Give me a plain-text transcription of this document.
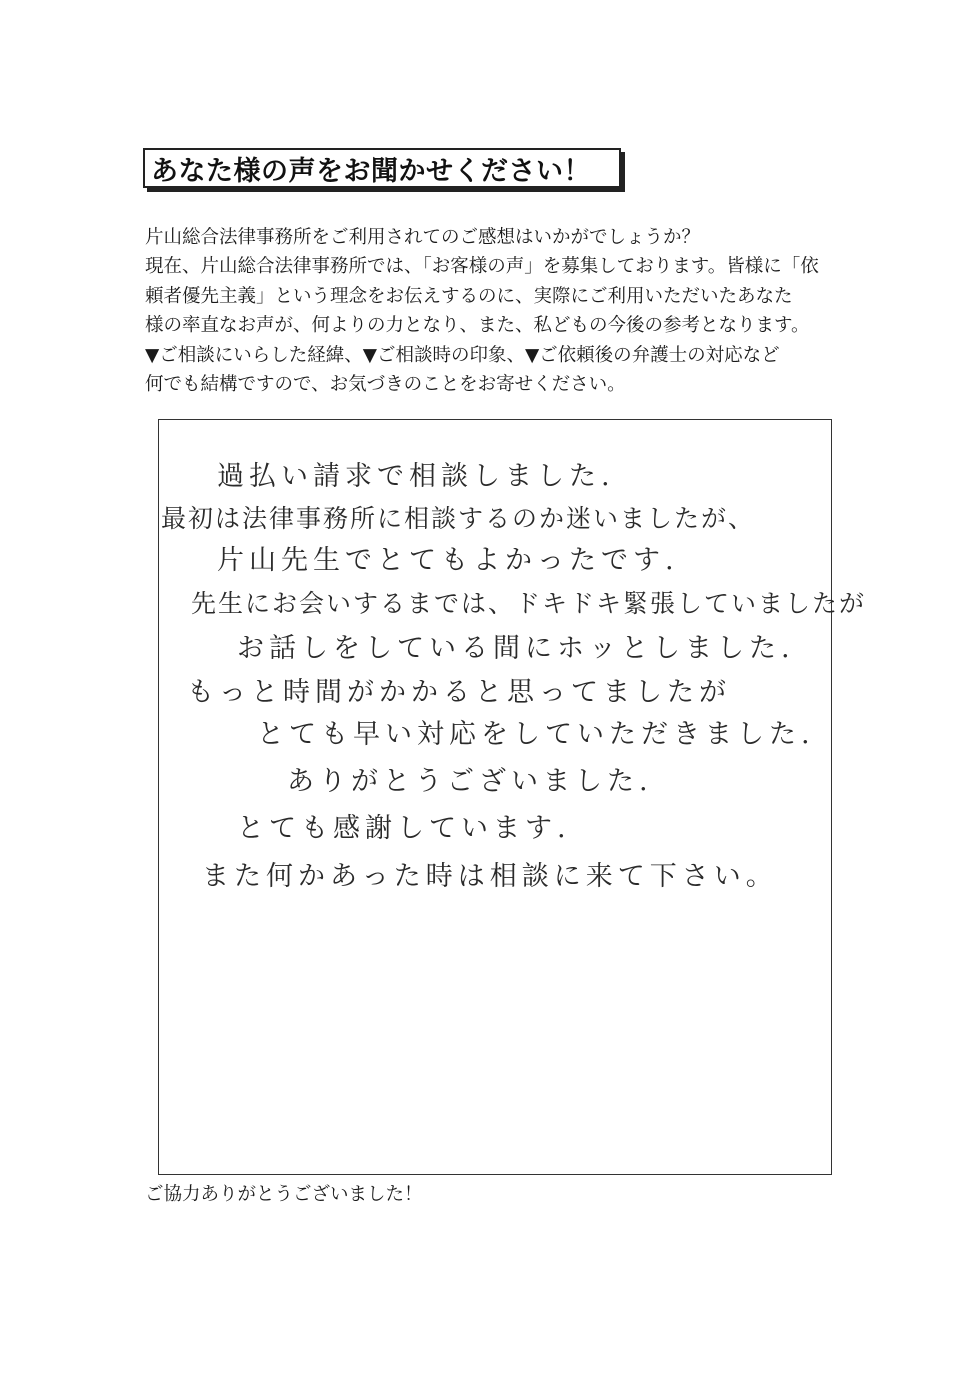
あなた様の声をお聞かせください！
片山総合法律事務所をご利用されてのご感想はいかがでしょうか？
現在、片山総合法律事務所では、「お客様の声」を募集しております。皆様に「依
頼者優先主義」という理念をお伝えするのに、実際にご利用いただいたあなた
様の率直なお声が、何よりの力となり、また、私どもの今後の参考となります。
▼ご相談にいらした経緯、▼ご相談時の印象、▼ご依頼後の弁護士の対応など
何でも結構ですので、お気づきのことをお寄せください。
過払い請求で相談しました.
最初は法律事務所に相談するのか迷いましたが、
片山先生でとてもよかったです.
先生にお会いするまでは、ドキドキ緊張していましたが
お話しをしている間にホッとしました.
もっと時間がかかると思ってましたが
とても早い対応をしていただきました.
ありがとうございました.
とても感謝しています.
また何かあった時は相談に来て下さい。
ご協力ありがとうございました！
